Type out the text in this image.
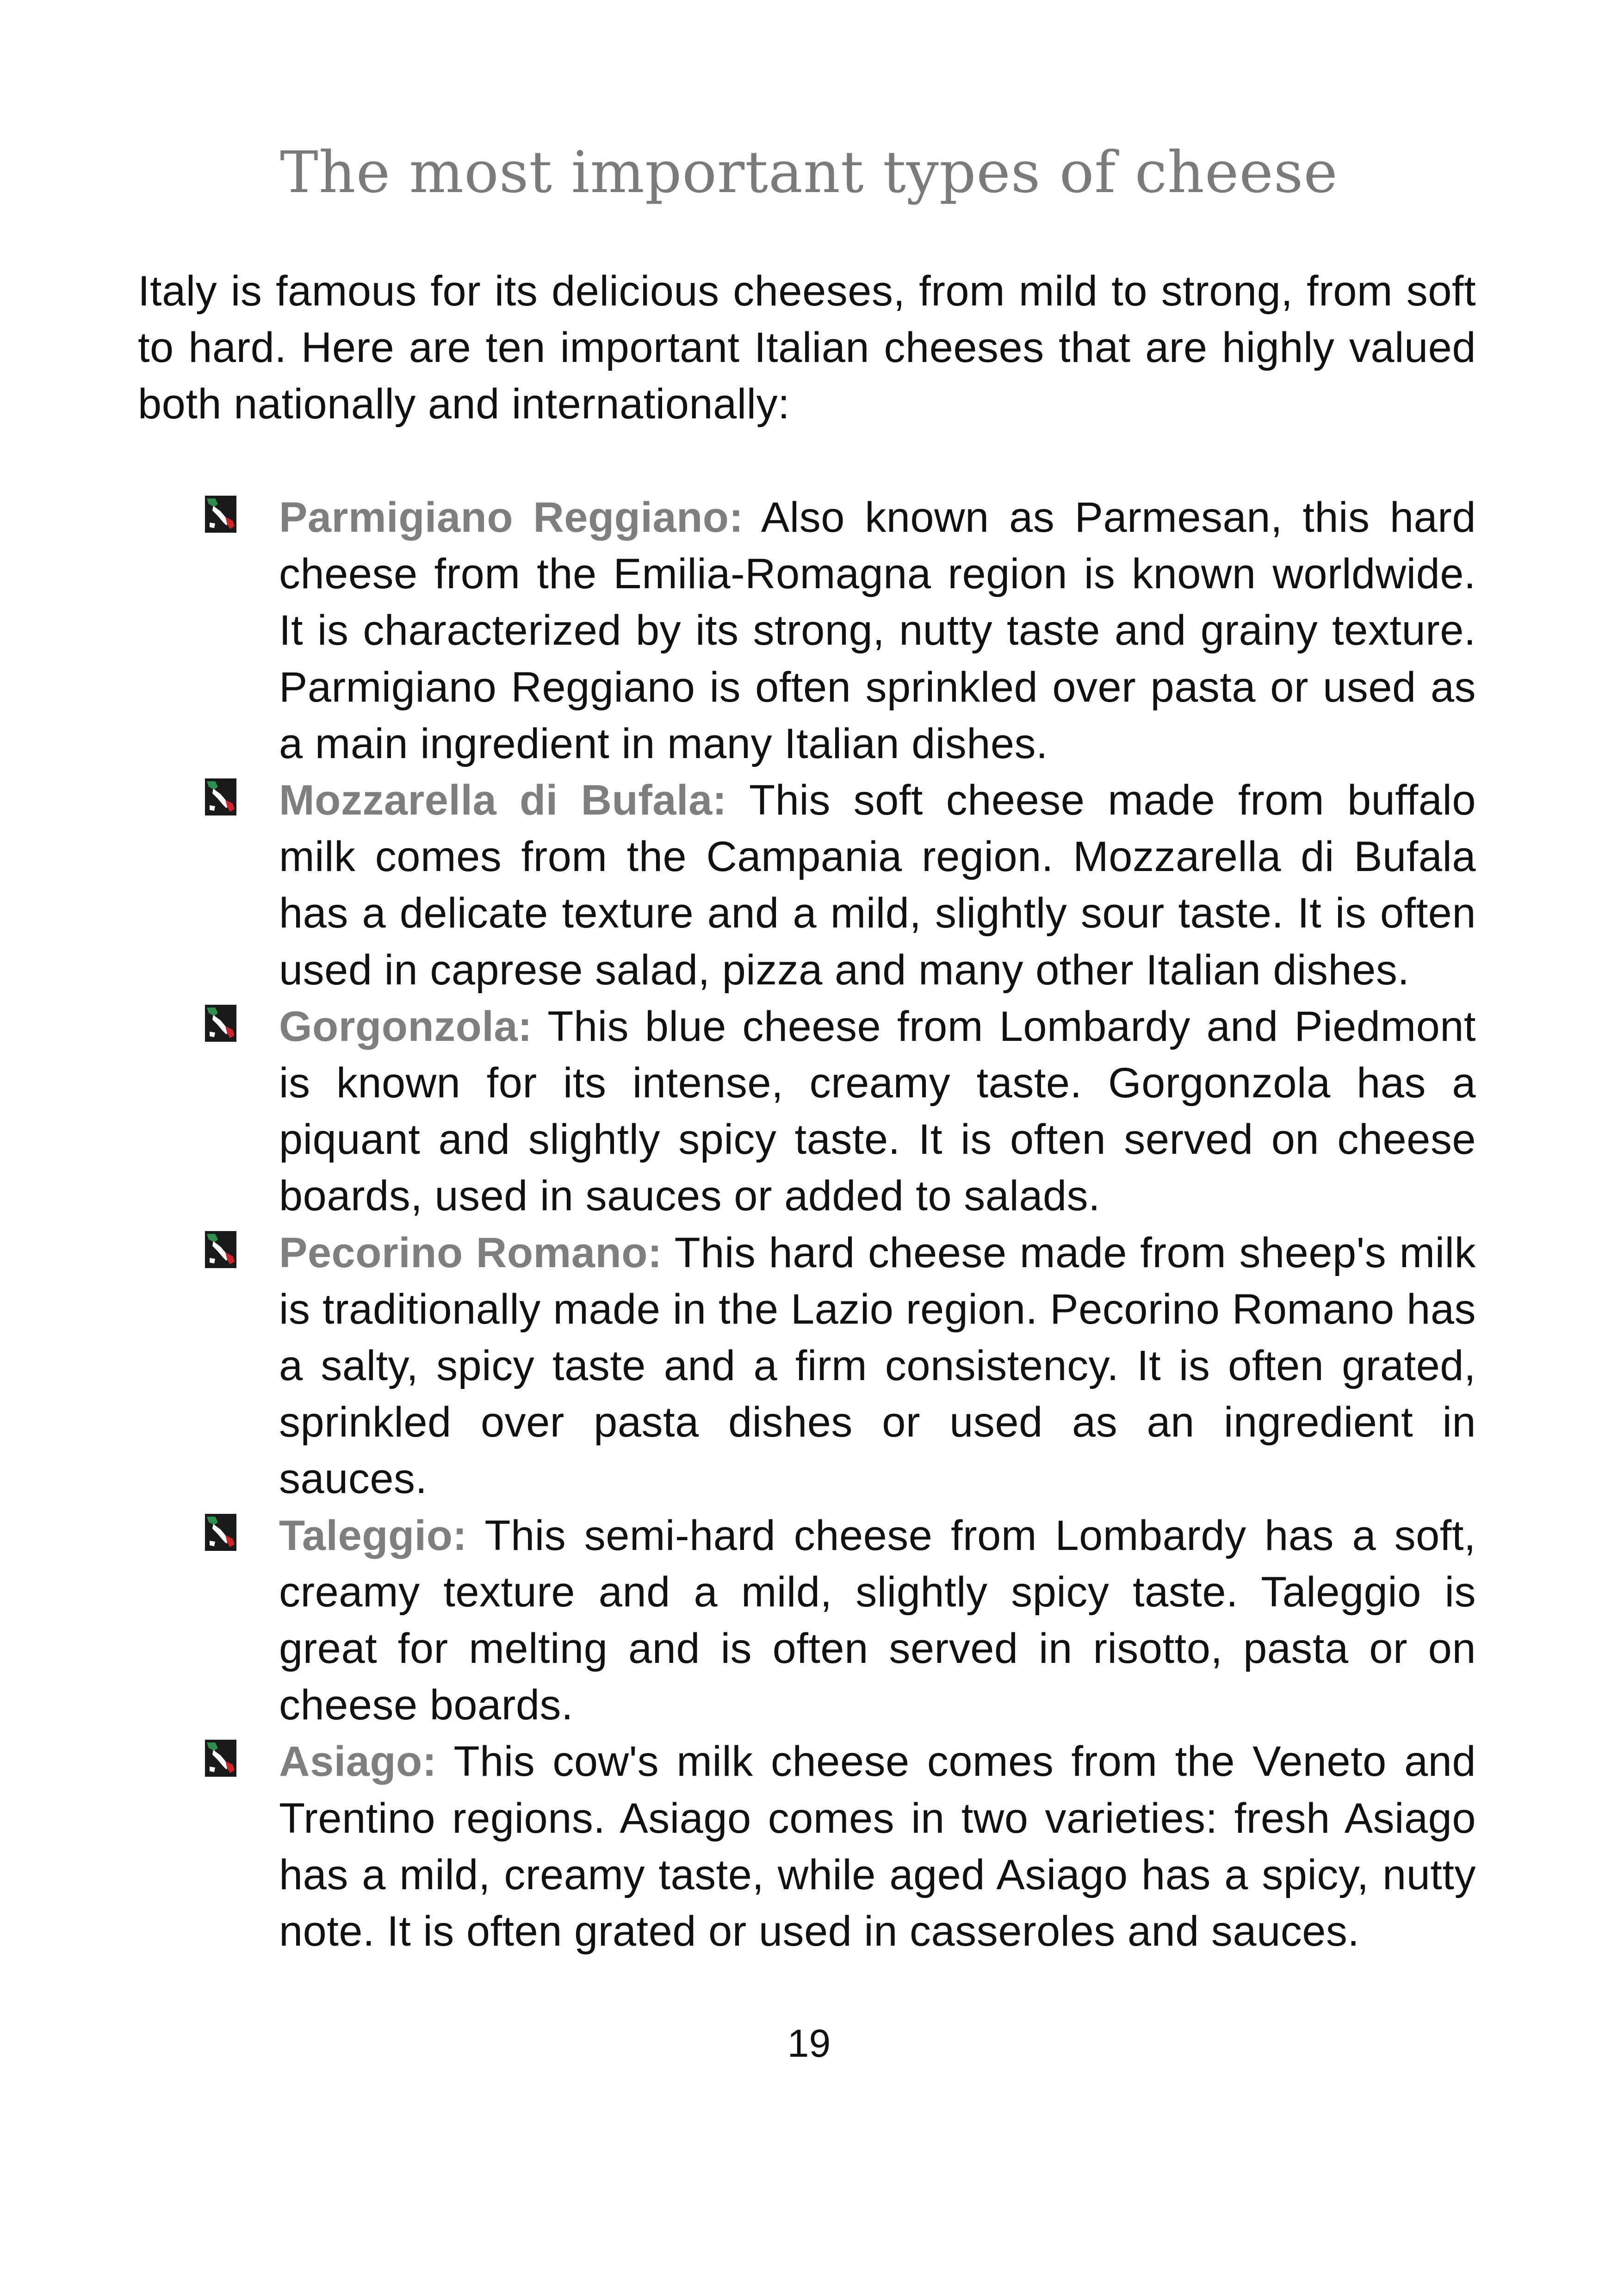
The most important types of cheese
Italy is famous for its delicious cheeses, from mild to strong, from soft to hard. Here are ten important Italian cheeses that are highly valued both nationally and internationally:
Parmigiano Reggiano: Also known as Parmesan, this hard cheese from the Emilia-Romagna region is known worldwide. It is characterized by its strong, nutty taste and grainy texture. Parmigiano Reggiano is often sprinkled over pasta or used as a main ingredient in many Italian dishes.
Mozzarella di Bufala: This soft cheese made from buffalo milk comes from the Campania region. Mozzarella di Bufala has a delicate texture and a mild, slightly sour taste. It is often used in caprese salad, pizza and many other Italian dishes.
Gorgonzola: This blue cheese from Lombardy and Piedmont is known for its intense, creamy taste. Gorgonzola has a piquant and slightly spicy taste. It is often served on cheese boards, used in sauces or added to salads.
Pecorino Romano: This hard cheese made from sheep's milk is traditionally made in the Lazio region. Pecorino Romano has a salty, spicy taste and a firm consistency. It is often grated, sprinkled over pasta dishes or used as an ingredient in sauces.
Taleggio: This semi-hard cheese from Lombardy has a soft, creamy texture and a mild, slightly spicy taste. Taleggio is great for melting and is often served in risotto, pasta or on cheese boards.
Asiago: This cow's milk cheese comes from the Veneto and Trentino regions. Asiago comes in two varieties: fresh Asiago has a mild, creamy taste, while aged Asiago has a spicy, nutty note. It is often grated or used in casseroles and sauces.
19
